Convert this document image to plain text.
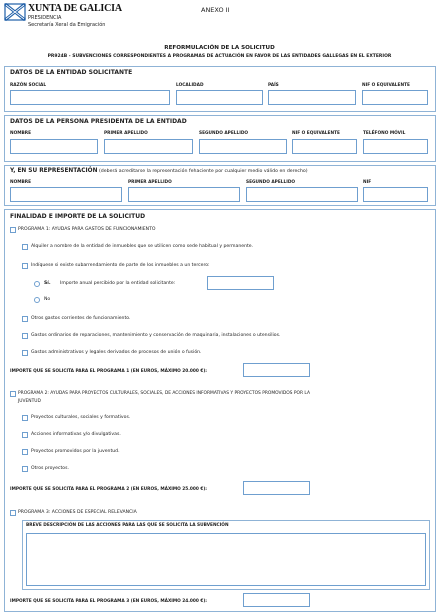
XUNTA DE GALICIA
PRESIDENCIA
Secretaría Xeral da Emigración
ANEXO II
REFORMULACIÓN DE LA SOLICITUD
PR924B - SUBVENCIONES CORRESPONDIENTES A PROGRAMAS DE ACTUACIÓN EN FAVOR DE LAS ENTIDADES GALLEGAS EN EL EXTERIOR
DATOS DE LA ENTIDAD SOLICITANTE
RAZÓN SOCIAL	LOCALIDAD	PAÍS	NIF O EQUIVALENTE
DATOS DE LA PERSONA PRESIDENTA DE LA ENTIDAD
NOMBRE	PRIMER APELLIDO	SEGUNDO APELLIDO	NIF O EQUIVALENTE	TELÉFONO MÓVIL
Y, EN SU REPRESENTACIÓN (deberá acreditarse la representación fehaciente por cualquier medio válido en derecho)
NOMBRE	PRIMER APELLIDO	SEGUNDO APELLIDO	NIF
FINALIDAD E IMPORTE DE LA SOLICITUD
PROGRAMA 1: AYUDAS PARA GASTOS DE FUNCIONAMIENTO
Alquiler a nombre de la entidad de inmuebles que se utilicen como sede habitual y permanente.
Indíquese si existe subarrendamiento de parte de los inmuebles a un tercero:
Sí. Importe anual percibido por la entidad solicitante:
No
Otros gastos corrientes de funcionamiento.
Gastos ordinarios de reparaciones, mantenimiento y conservación de maquinaria, instalaciones o utensilios.
Gastos administrativos y legales derivados de procesos de unión o fusión.
IMPORTE QUE SE SOLICITA PARA EL PROGRAMA 1 (EN EUROS, MÁXIMO 20.000 €):
PROGRAMA 2: AYUDAS PARA PROYECTOS CULTURALES, SOCIALES, DE ACCIONES INFORMATIVAS Y PROYECTOS PROMOVIDOS POR LA
JUVENTUD
Proyectos culturales, sociales y formativos.
Acciones informativas y/o divulgativas.
Proyectos promovidos por la juventud.
Otros proyectos.
IMPORTE QUE SE SOLICITA PARA EL PROGRAMA 2 (EN EUROS, MÁXIMO 25.000 €):
PROGRAMA 3: ACCIONES DE ESPECIAL RELEVANCIA
BREVE DESCRIPCIÓN DE LAS ACCIONES PARA LAS QUE SE SOLICITA LA SUBVENCIÓN
IMPORTE QUE SE SOLICITA PARA EL PROGRAMA 3 (EN EUROS, MÁXIMO 24.000 €):
